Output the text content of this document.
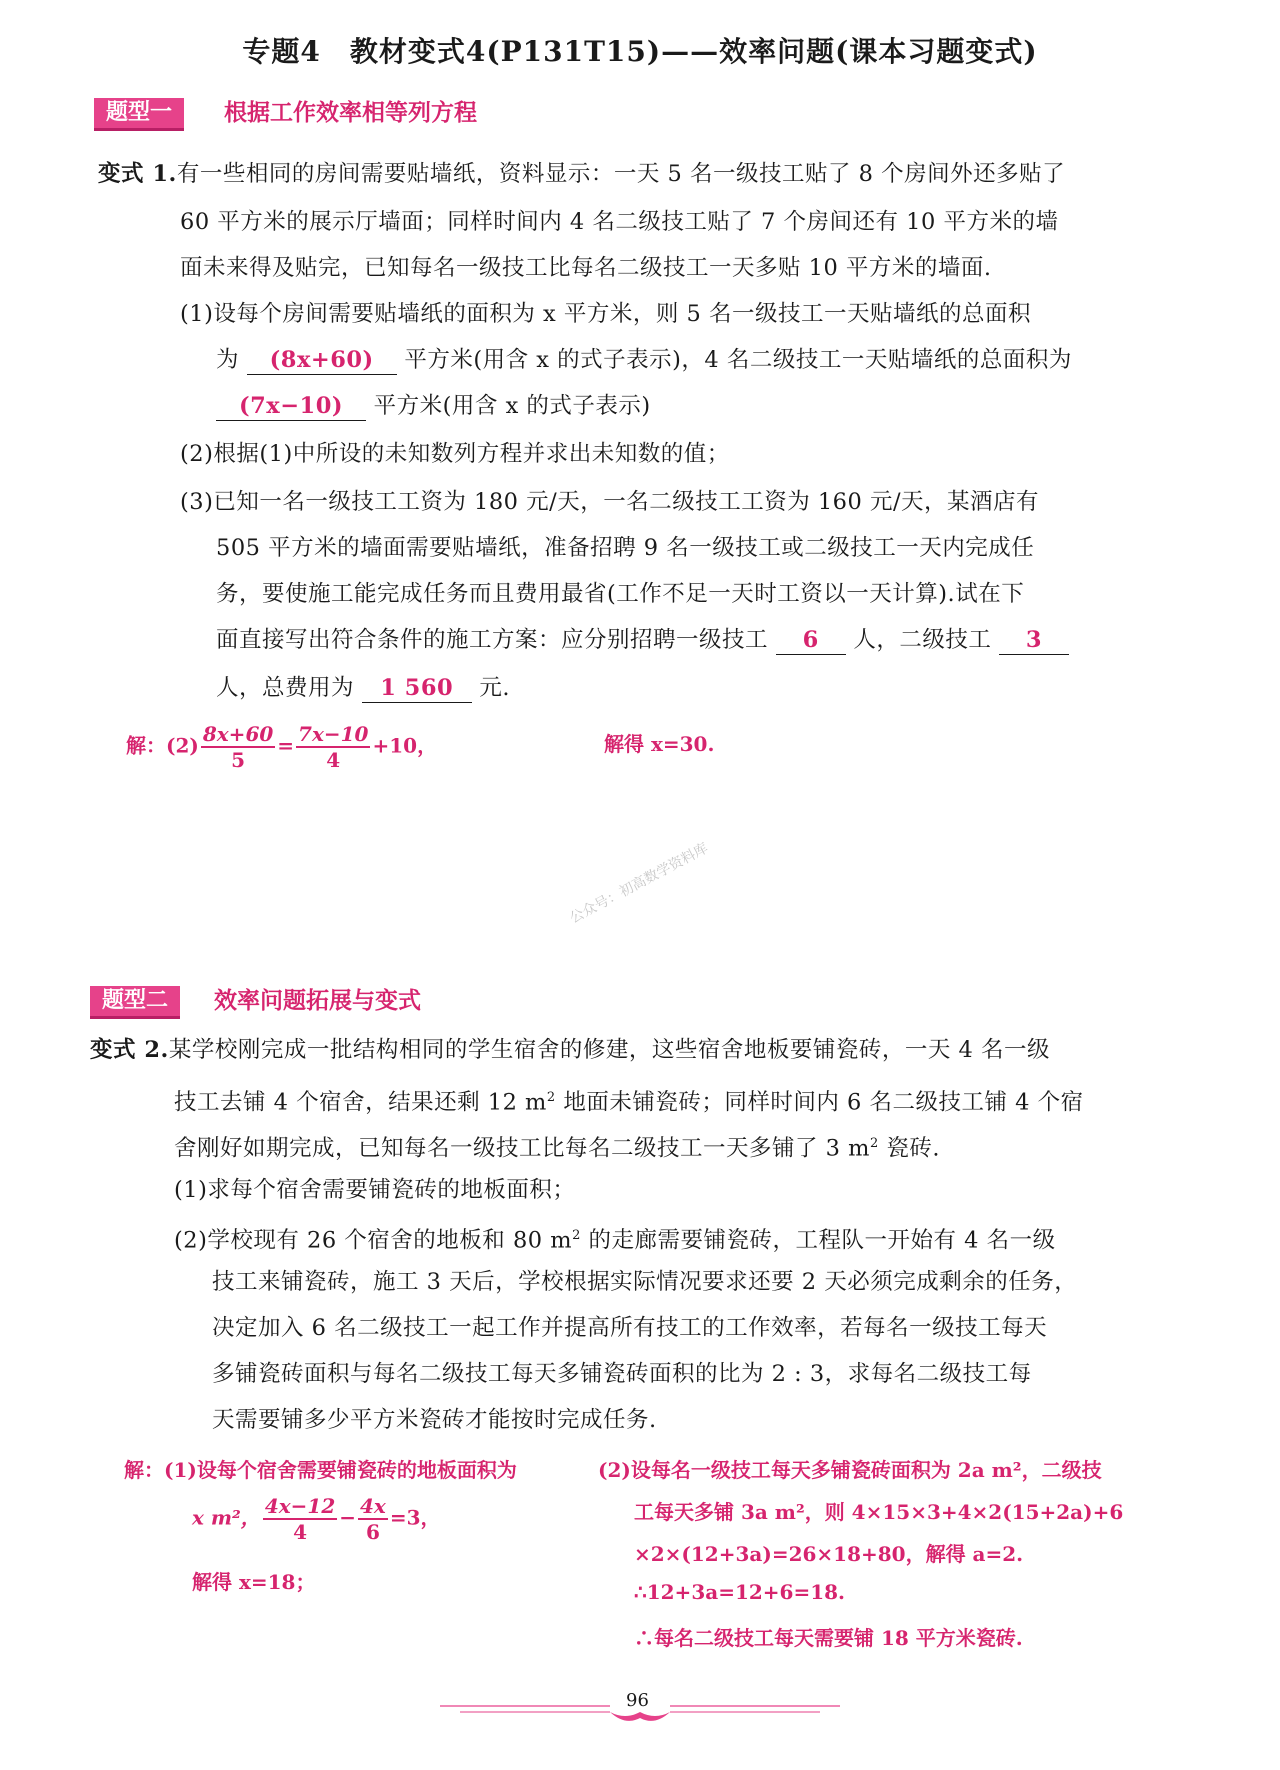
专题4　教材变式4(P131T15)——效率问题(课本习题变式)
题型一	根据工作效率相等列方程
变式 1.有一些相同的房间需要贴墙纸，资料显示：一天 5 名一级技工贴了 8 个房间外还多贴了
60 平方米的展示厅墙面；同样时间内 4 名二级技工贴了 7 个房间还有 10 平方米的墙
面未来得及贴完，已知每名一级技工比每名二级技工一天多贴 10 平方米的墙面.
(1)设每个房间需要贴墙纸的面积为 x 平方米，则 5 名一级技工一天贴墙纸的总面积
为 (8x+60) 平方米(用含 x 的式子表示)，4 名二级技工一天贴墙纸的总面积为
(7x−10) 平方米(用含 x 的式子表示)
(2)根据(1)中所设的未知数列方程并求出未知数的值；
(3)已知一名一级技工工资为 180 元/天，一名二级技工工资为 160 元/天，某酒店有
505 平方米的墙面需要贴墙纸，准备招聘 9 名一级技工或二级技工一天内完成任
务，要使施工能完成任务而且费用最省(工作不足一天时工资以一天计算).试在下
面直接写出符合条件的施工方案：应分别招聘一级技工 6 人，二级技工 3
人，总费用为 1 560 元.
解：$(2) \frac{8x+60}{5} = \frac{7x-10}{4} +10$，	解得 x=30.
公众号：初高数学资料库
题型二	效率问题拓展与变式
变式 2.某学校刚完成一批结构相同的学生宿舍的修建，这些宿舍地板要铺瓷砖，一天 4 名一级
技工去铺 4 个宿舍，结果还剩 12 $m^2$ 地面未铺瓷砖；同样时间内 6 名二级技工铺 4 个宿
舍刚好如期完成，已知每名一级技工比每名二级技工一天多铺了 3 $m^2$ 瓷砖.
(1)求每个宿舍需要铺瓷砖的地板面积；
(2)学校现有 26 个宿舍的地板和 80 $m^2$ 的走廊需要铺瓷砖，工程队一开始有 4 名一级
技工来铺瓷砖，施工 3 天后，学校根据实际情况要求还要 2 天必须完成剩余的任务，
决定加入 6 名二级技工一起工作并提高所有技工的工作效率，若每名一级技工每天
多铺瓷砖面积与每名二级技工每天多铺瓷砖面积的比为 2 : 3，求每名二级技工每
天需要铺多少平方米瓷砖才能按时完成任务.
解：(1)设每个宿舍需要铺瓷砖的地板面积为
x m²， $\frac{4x-12}{4} - \frac{4x}{6} =3$，
解得 x=18；
(2)设每名一级技工每天多铺瓷砖面积为 2a m²，二级技
工每天多铺 3a m²，则 4×15×3+4×2(15+2a)+6
×2×(12+3a)=26×18+80，解得 a=2.
∴12+3a=12+6=18.
∴每名二级技工每天需要铺 18 平方米瓷砖.
96
